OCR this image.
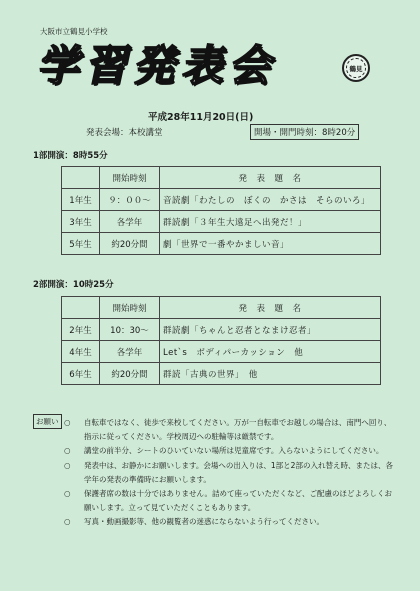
大阪市立鶴見小学校
学習発表会	鶴見
平成28年11月20日(日)
発表会場：本校講堂	開場・開門時刻：8時20分
1部開演：8時55分
	開始時刻	発　表　題　名
1年生	９：００～	音読劇「わたしの　ぼくの　かさは　そらのいろ」
3年生	各学年	群読劇「３年生大遠足へ出発だ！」
5年生	約20分間	劇「世界で一番やかましい音」
2部開演：10時25分
	開始時刻	発　表　題　名
2年生	10：30～	群読劇「ちゃんと忍者となまけ忍者」
4年生	各学年	Let`s　ボディパーカッション　他
6年生	約20分間	群読「古典の世界」　他
お願い ○ 自転車ではなく、徒歩で来校してください。万が一自転車でお越しの場合は、南門へ回り、指示に従ってください。学校周辺への駐輪等は厳禁です。
○ 講堂の前半分、シートのひいていない場所は児童席です。入らないようにしてください。
○ 発表中は、お静かにお願いします。会場への出入りは、1部と2部の入れ替え時、または、各学年の発表の準備時にお願いします。
○ 保護者席の数は十分ではありません。詰めて座っていただくなど、ご配慮のほどよろしくお願いします。立って見ていただくこともあります。
○ 写真・動画撮影等、他の観覧者の迷惑にならないよう行ってください。
